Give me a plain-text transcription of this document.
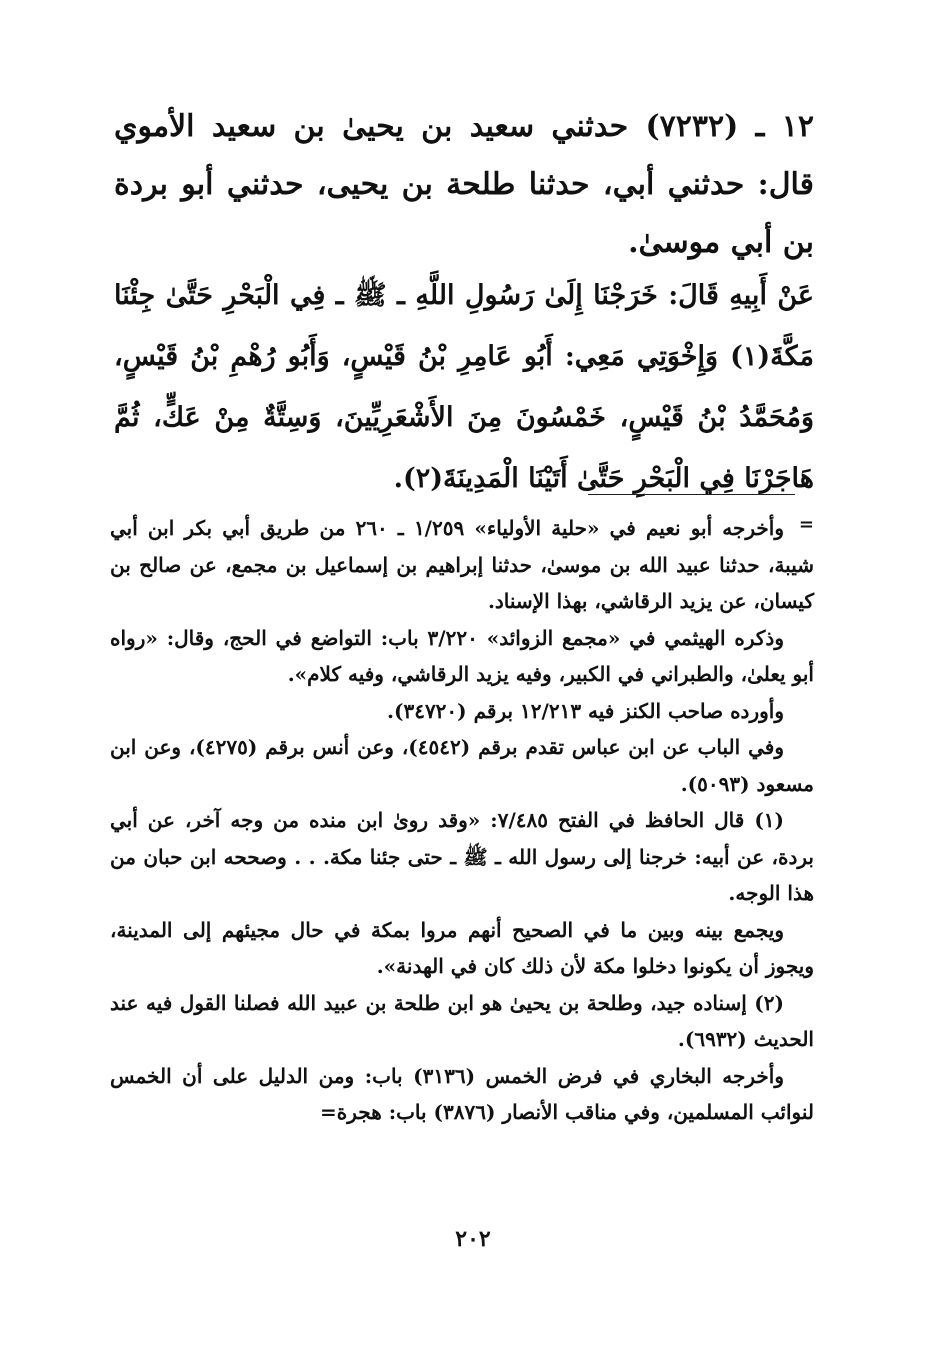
١٢ ـ (٧٢٣٢) حدثني سعيد بن يحيىٰ بن سعيد الأموي قال: حدثني أبي، حدثنا طلحة بن يحيى، حدثني أبو بردة بن أبي موسىٰ.

عَنْ أَبِيهِ قَالَ: خَرَجْنَا إِلَىٰ رَسُولِ اللَّهِ ـ ﷺ ـ فِي الْبَحْرِ حَتَّىٰ جِئْنَا مَكَّةَ(١) وَإِخْوَتِي مَعِي: أَبُو عَامِرِ بْنُ قَيْسٍ، وَأَبُو رُهْمِ بْنُ قَيْسٍ، وَمُحَمَّدُ بْنُ قَيْسٍ، خَمْسُونَ مِنَ الأَشْعَرِيِّينَ، وَسِتَّةٌ مِنْ عَكٍّ، ثُمَّ هَاجَرْنَا فِي الْبَحْرِ حَتَّىٰ أَتَيْنَا الْمَدِينَةَ(٢).

=

وأخرجه أبو نعيم في «حلية الأولياء» ١/٢٥٩ ـ ٢٦٠ من طريق أبي بكر ابن أبي شيبة، حدثنا عبيد الله بن موسىٰ، حدثنا إبراهيم بن إسماعيل بن مجمع، عن صالح بن كيسان، عن يزيد الرقاشي، بهذا الإسناد.

وذكره الهيثمي في «مجمع الزوائد» ٣/٢٢٠ باب: التواضع في الحج، وقال: «رواه أبو يعلىٰ، والطبراني في الكبير، وفيه يزيد الرقاشي، وفيه كلام».

وأورده صاحب الكنز فيه ١٢/٢١٣ برقم (٣٤٧٢٠).

وفي الباب عن ابن عباس تقدم برقم (٤٥٤٢)، وعن أنس برقم (٤٢٧٥)، وعن ابن مسعود (٥٠٩٣).

(١) قال الحافظ في الفتح ٧/٤٨٥: «وقد روىٰ ابن منده من وجه آخر، عن أبي بردة، عن أبيه: خرجنا إلى رسول الله ـ ﷺ ـ حتى جئنا مكة. . . وصححه ابن حبان من هذا الوجه.

ويجمع بينه وبين ما في الصحيح أنهم مروا بمكة في حال مجيئهم إلى المدينة، ويجوز أن يكونوا دخلوا مكة لأن ذلك كان في الهدنة».

(٢) إسناده جيد، وطلحة بن يحيىٰ هو ابن طلحة بن عبيد الله فصلنا القول فيه عند الحديث (٦٩٣٢).

وأخرجه البخاري في فرض الخمس (٣١٣٦) باب: ومن الدليل على أن الخمس لنوائب المسلمين، وفي مناقب الأنصار (٣٨٧٦) باب: هجرة=

٢٠٢
